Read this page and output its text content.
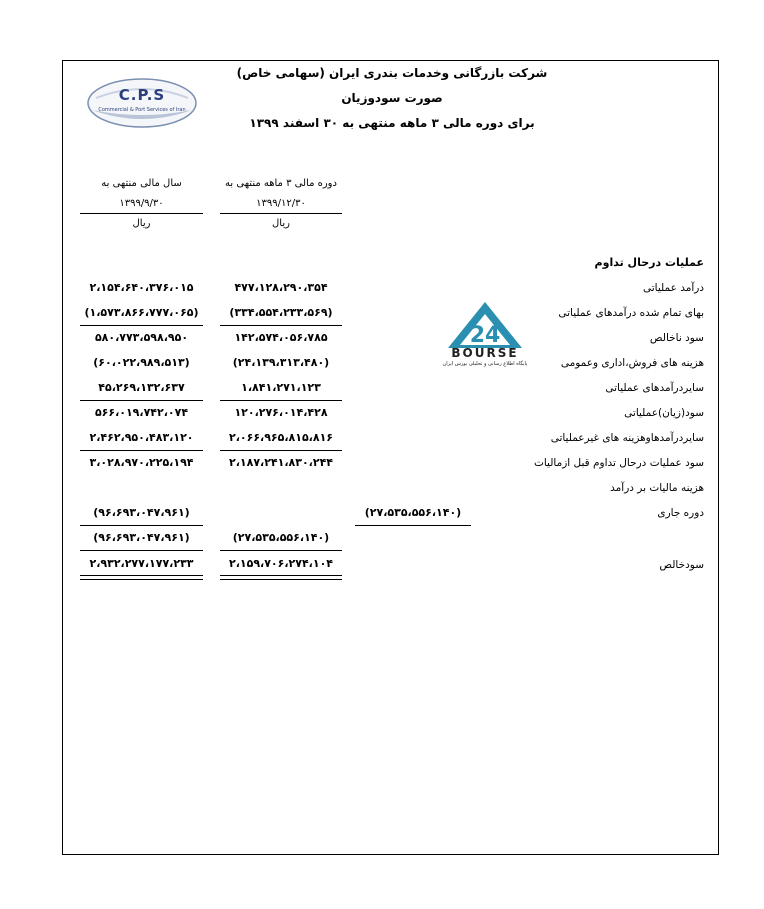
C.P.S
Commercial & Port Services of Iran
شرکت بازرگانی وخدمات بندری ایران (سهامی خاص)
صورت سودوزیان
برای دوره مالی ۳ ماهه منتهی به ۳۰ اسفند ۱۳۹۹
دوره مالی ۳ ماهه منتهی به
۱۳۹۹/۱۲/۳۰
ریال
سال مالی منتهی به
۱۳۹۹/۹/۳۰
ریال
عملیات درحال تداوم
24
BOURSE
پایگاه اطلاع رسانی و تحلیلی بورس ایران
درآمد عملیاتی
۴۷۷،۱۲۸،۲۹۰،۳۵۴
۲،۱۵۴،۶۴۰،۳۷۶،۰۱۵
بهای تمام شده درآمدهای عملیاتی
(۳۳۴،۵۵۴،۲۳۳،۵۶۹)
(۱،۵۷۳،۸۶۶،۷۷۷،۰۶۵)
سود ناخالص
۱۴۲،۵۷۴،۰۵۶،۷۸۵
۵۸۰،۷۷۳،۵۹۸،۹۵۰
هزینه های فروش،اداری وعمومی
(۲۴،۱۳۹،۳۱۳،۴۸۰)
(۶۰،۰۲۲،۹۸۹،۵۱۳)
سایردرآمدهای عملیاتی
۱،۸۴۱،۲۷۱،۱۲۳
۴۵،۲۶۹،۱۳۲،۶۳۷
سود(زیان)عملیاتی
۱۲۰،۲۷۶،۰۱۴،۴۲۸
۵۶۶،۰۱۹،۷۴۲،۰۷۴
سایردرآمدهاوهزینه های غیرعملیاتی
۲،۰۶۶،۹۶۵،۸۱۵،۸۱۶
۲،۴۶۲،۹۵۰،۴۸۳،۱۲۰
سود عملیات درحال تداوم قبل ازمالیات
۲،۱۸۷،۲۴۱،۸۳۰،۲۴۴
۳،۰۲۸،۹۷۰،۲۲۵،۱۹۴
هزینه مالیات بر درآمد
دوره جاری
(۲۷،۵۳۵،۵۵۶،۱۴۰)
(۹۶،۶۹۳،۰۴۷،۹۶۱)
(۲۷،۵۳۵،۵۵۶،۱۴۰)
(۹۶،۶۹۳،۰۴۷،۹۶۱)
سودخالص
۲،۱۵۹،۷۰۶،۲۷۴،۱۰۴
۲،۹۳۲،۲۷۷،۱۷۷،۲۳۳
